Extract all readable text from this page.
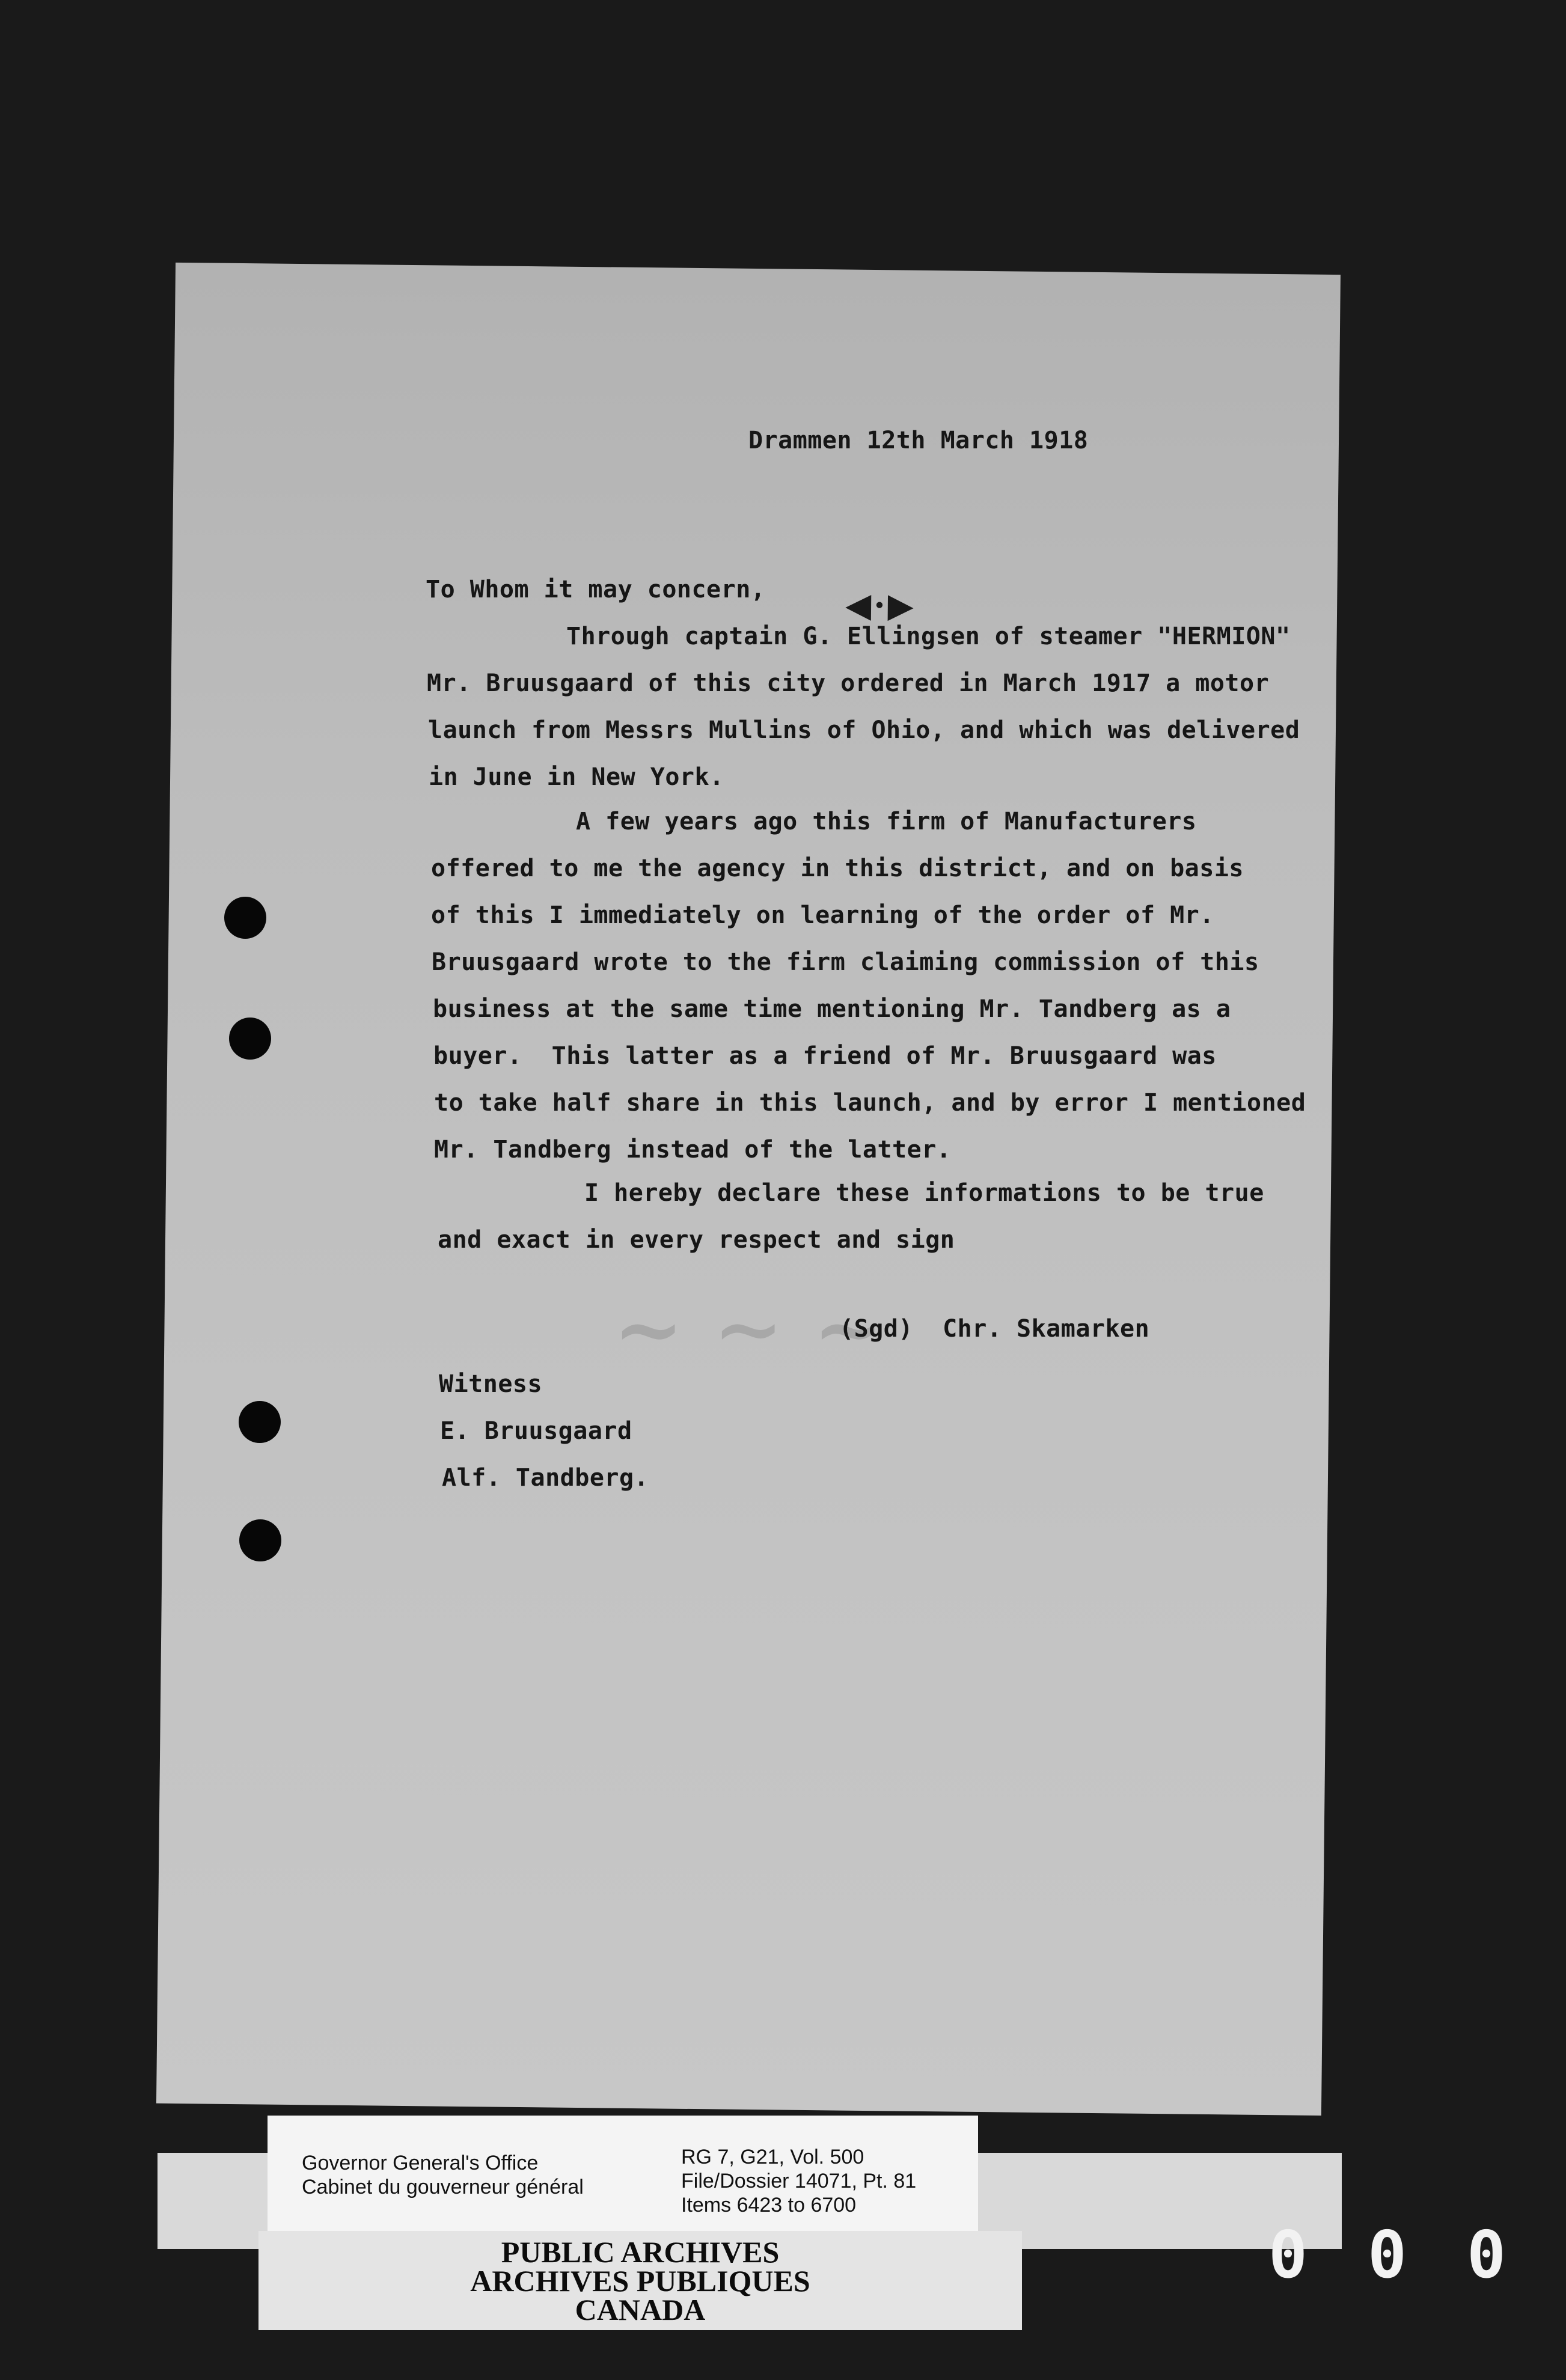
◀·▶
~ ∼ ~
Drammen 12th March 1918
To Whom it may concern,
Through captain G. Ellingsen of steamer "HERMION"
Mr. Bruusgaard of this city ordered in March 1917 a motor
launch from Messrs Mullins of Ohio, and which was delivered
in June in New York.
A few years ago this firm of Manufacturers
offered to me the agency in this district, and on basis
of this I immediately on learning of the order of Mr.
Bruusgaard wrote to the firm claiming commission of this
business at the same time mentioning Mr. Tandberg as a
buyer.  This latter as a friend of Mr. Bruusgaard was
to take half share in this launch, and by error I mentioned
Mr. Tandberg instead of the latter.
I hereby declare these informations to be true
and exact in every respect and sign
(Sgd)  Chr. Skamarken
Witness
E. Bruusgaard
Alf. Tandberg.
Governor General's Office
Cabinet du gouverneur général
RG 7, G21, Vol. 500
File/Dossier 14071, Pt. 81
Items 6423 to 6700
PUBLIC ARCHIVES
ARCHIVES PUBLIQUES
CANADA
000
